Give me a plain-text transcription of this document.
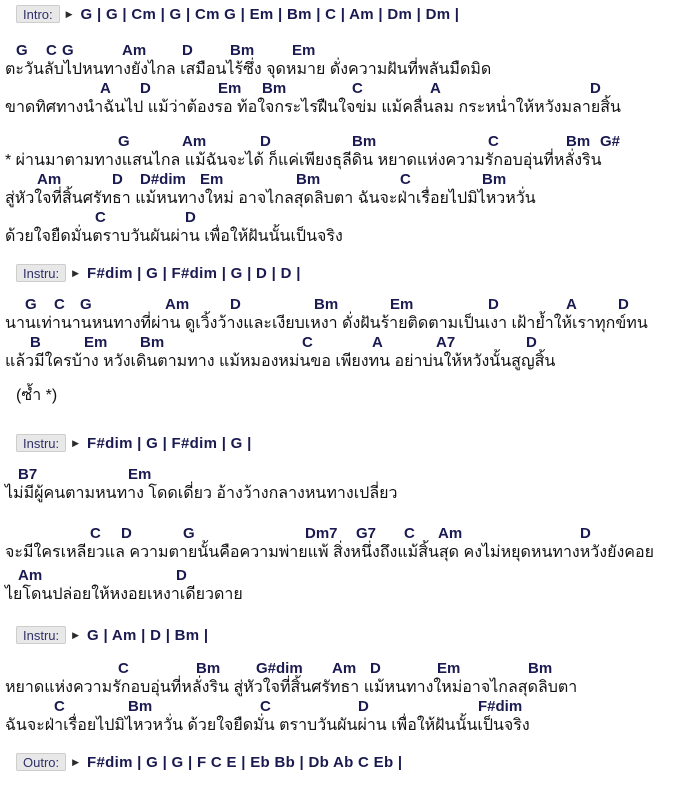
Intro: ▶ G | G | Cm | G | Cm G | Em | Bm | C | Am | Dm | Dm |
G C G	Am D Bm	Em
ตะวันลับไปหนทางยังไกล เสมือนไร้ซึ่ง จุดหมาย ดั่งความฝันที่พลันมืดมิด
A D	Em Bm	C	A	D
ขาดทิศทางนำฉันไป แม้ว่าต้องรอ ท้อใจกระไรฝืนใจข่ม แม้คลื่นลม กระหน่ำให้หวังมลายสิ้น
G	Am	D	Bm	C	Bm G#
* ผ่านมาตามทางแสนไกล แม้ฉันจะได้ ก็แค่เพียงธุลีดิน หยาดแห่งความรักอบอุ่นที่หลั่งริน
Am	D D#dim Em	Bm	C	Bm
สู่หัวใจที่สิ้นศรัทธา แม้หนทางใหม่ อาจไกลสุดลิบตา ฉันจะฝ่าเรื่อยไปมิไหวหวั่น
C	D
ด้วยใจยืดมั่นตราบวันผันผ่าน เพื่อให้ฝันนั้นเป็นจริง
Instru: ▶ F#dim | G | F#dim | G | D | D |
G C G	Am	D	Bm	Em	D	A	D
นานเท่านานหนทางที่ผ่าน ดูเวิ้งว้างและเงียบเหงา ดั่งฝันร้ายติดตามเป็นเงา เฝ้าย้ำให้เราทุกข์ทน
B	Em Bm	C	A	A7	D
แล้วมีใครบ้าง หวังเดินตามทาง แม้หมองหม่นขอ เพียงทน อย่าบ่นให้หวังนั้นสูญสิ้น
(ซ้ำ *)
Instru: ▶ F#dim | G | F#dim | G |
B7	Em
ไม่มีผู้คนตามหนทาง โดดเดี่ยว อ้างว้างกลางหนทางเปลี่ยว
C D	G	Dm7 G7 C Am	D
จะมีใครเหลียวแล ความตายนั้นคือความพ่ายแพ้ สิ่งหนึ่งถึงแม้สิ้นสุด คงไม่หยุดหนทางหวังยังคอย
Am	D
ไยโดนปล่อยให้หงอยเหงาเดียวดาย
Instru: ▶ G | Am | D | Bm |
C	Bm G#dim Am D	Em	Bm
หยาดแห่งความรักอบอุ่นที่หลั่งริน สู่หัวใจที่สิ้นศรัทธา แม้หนทางใหม่อาจไกลสุดลิบตา
C	Bm	C	D	F#dim
ฉันจะฝ่าเรื่อยไปมิไหวหวั่น ด้วยใจยืดมั่น ตราบวันผันผ่าน เพื่อให้ฝันนั้นเป็นจริง
Outro: ▶ F#dim | G | G | F C E | Eb Bb | Db Ab C Eb |
